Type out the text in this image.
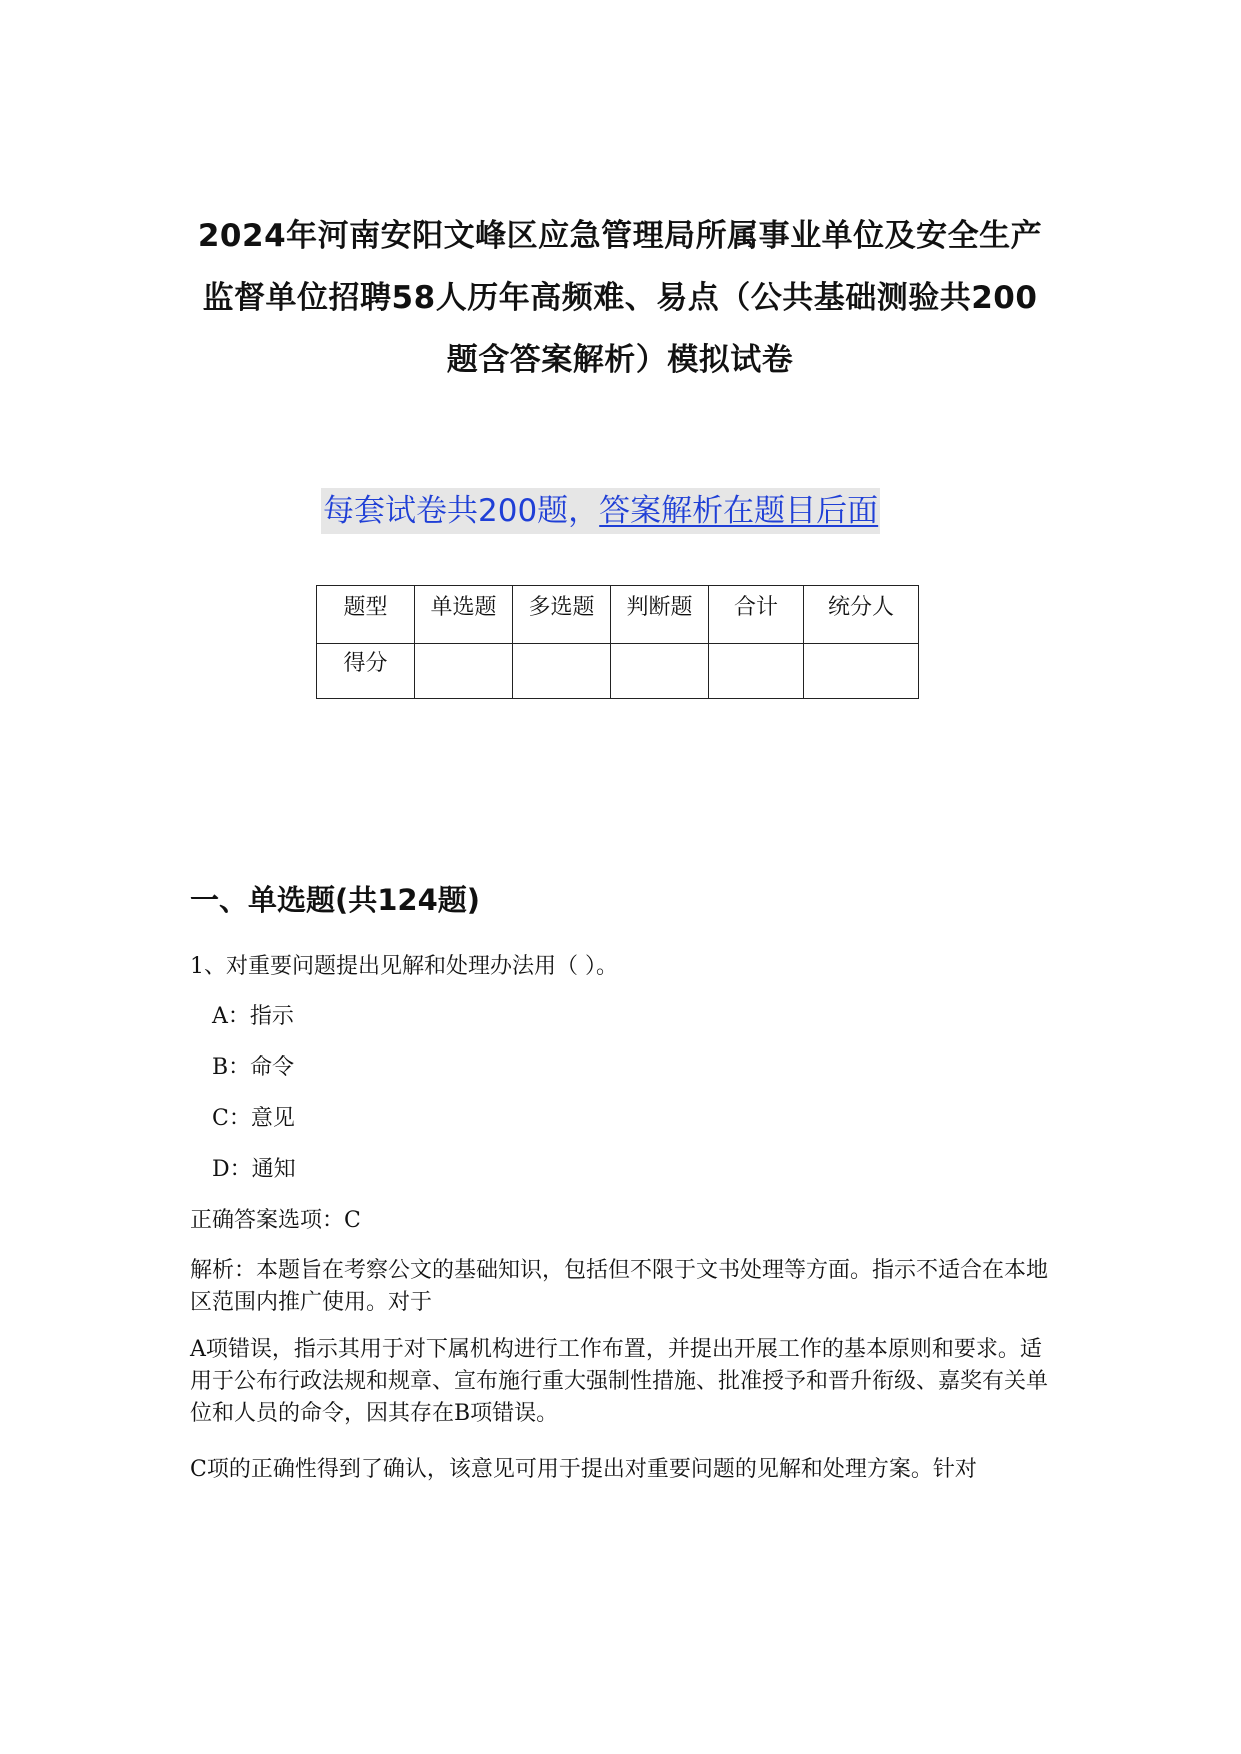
2024年河南安阳文峰区应急管理局所属事业单位及安全生产监督单位招聘58人历年高频难、易点（公共基础测验共200题含答案解析）模拟试卷
每套试卷共200题，答案解析在题目后面
题型	单选题	多选题	判断题	合计	统分人
得分					
一、单选题(共124题)
1、对重要问题提出见解和处理办法用（ ）。
A：指示
B：命令
C：意见
D：通知
正确答案选项：C
解析：本题旨在考察公文的基础知识，包括但不限于文书处理等方面。指示不适合在本地区范围内推广使用。对于
A项错误，指示其用于对下属机构进行工作布置，并提出开展工作的基本原则和要求。适用于公布行政法规和规章、宣布施行重大强制性措施、批准授予和晋升衔级、嘉奖有关单位和人员的命令，因其存在B项错误。
C项的正确性得到了确认，该意见可用于提出对重要问题的见解和处理方案。针对
